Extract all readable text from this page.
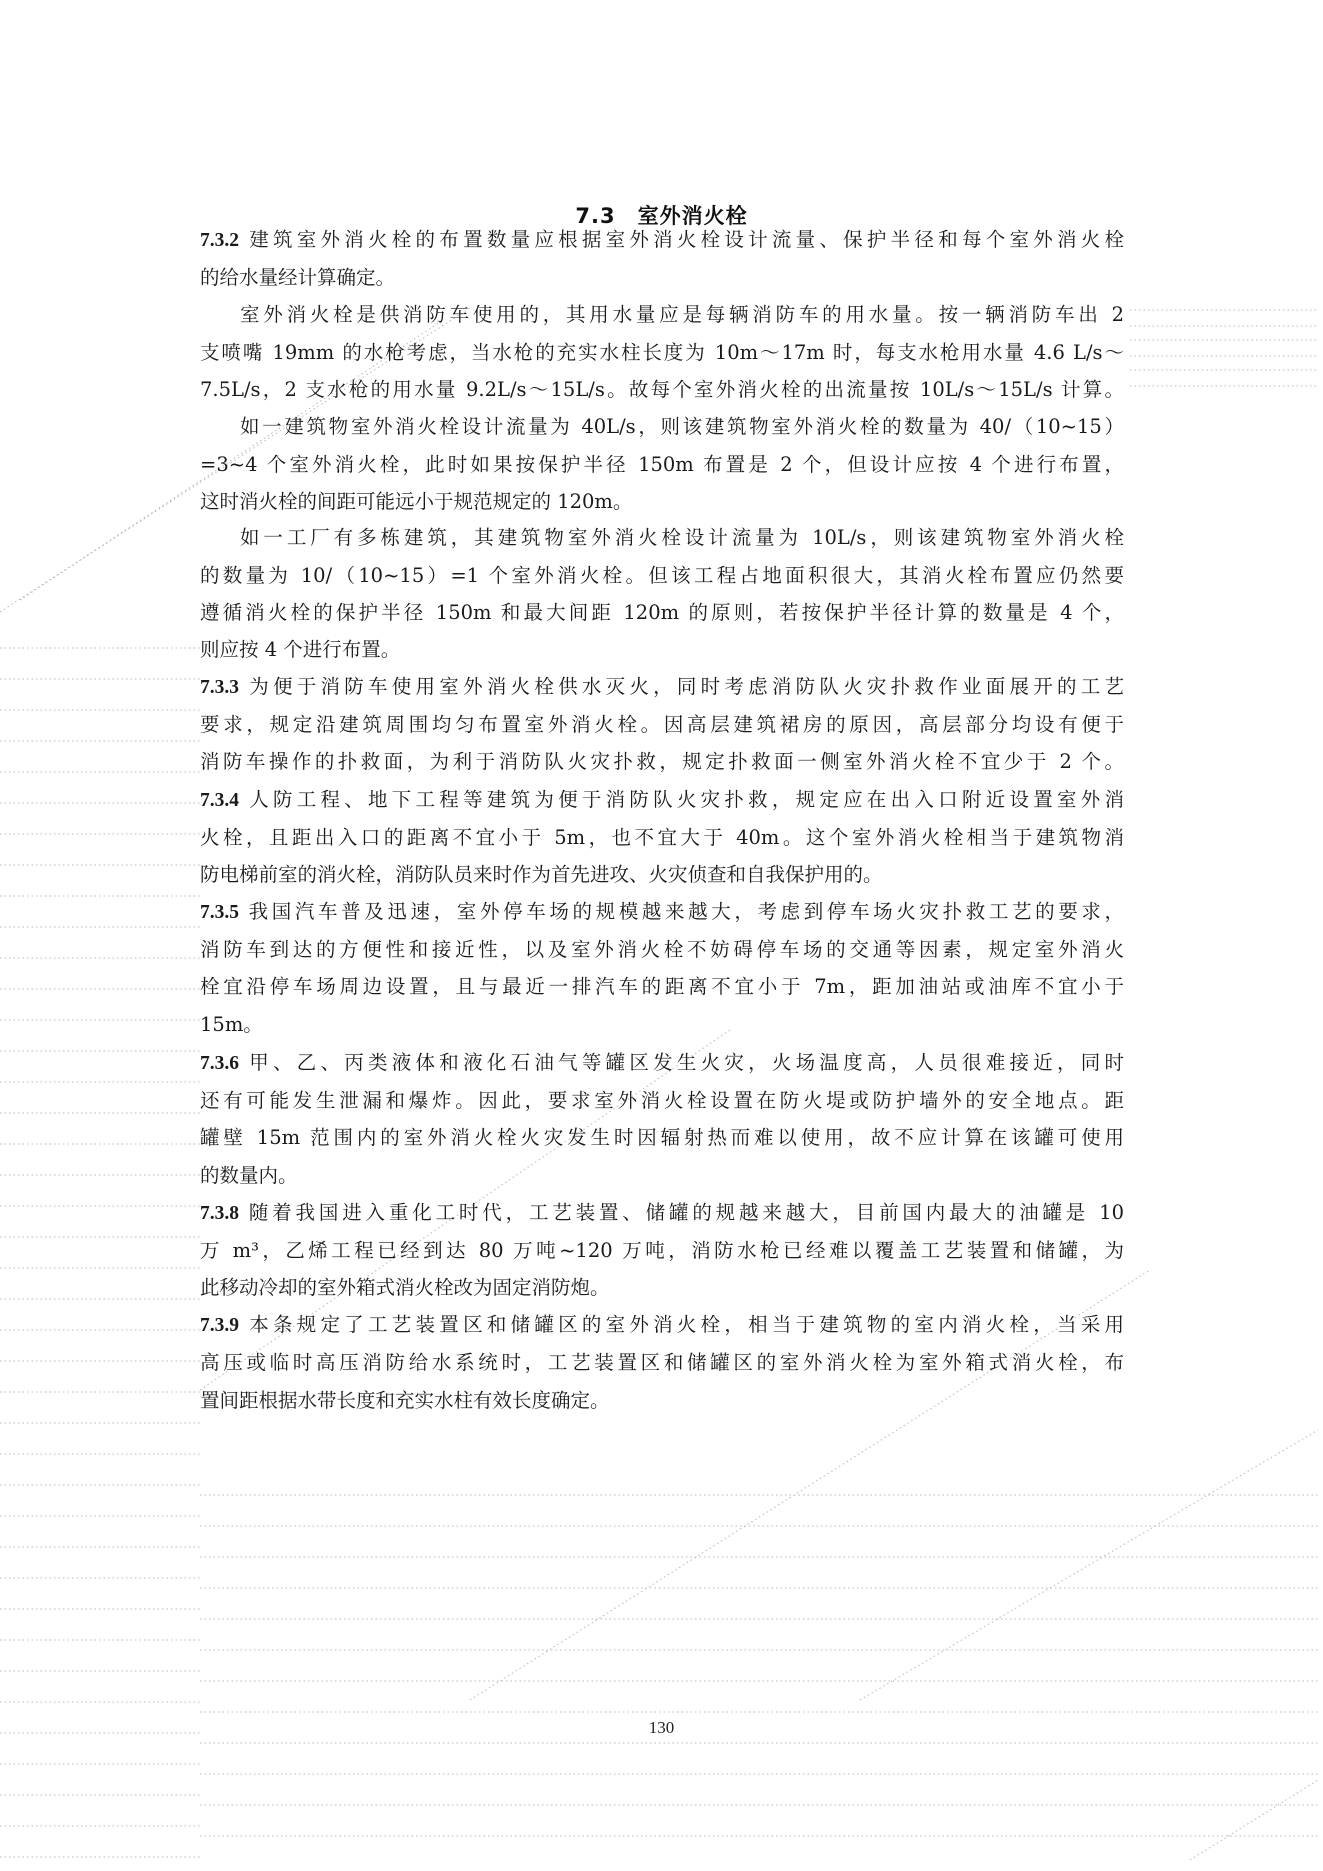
7.3 室外消火栓
7.3.2 建筑室外消火栓的布置数量应根据室外消火栓设计流量、保护半径和每个室外消火栓
的给水量经计算确定。
室外消火栓是供消防车使用的，其用水量应是每辆消防车的用水量。按一辆消防车出 2
支喷嘴 19mm 的水枪考虑，当水枪的充实水柱长度为 10m～17m 时，每支水枪用水量 4.6 L/s～
7.5L/s，2 支水枪的用水量 9.2L/s～15L/s。故每个室外消火栓的出流量按 10L/s～15L/s 计算。
如一建筑物室外消火栓设计流量为 40L/s，则该建筑物室外消火栓的数量为 40/（10~15）
=3~4 个室外消火栓，此时如果按保护半径 150m 布置是 2 个，但设计应按 4 个进行布置，
这时消火栓的间距可能远小于规范规定的 120m。
如一工厂有多栋建筑，其建筑物室外消火栓设计流量为 10L/s，则该建筑物室外消火栓
的数量为 10/（10~15）=1 个室外消火栓。但该工程占地面积很大，其消火栓布置应仍然要
遵循消火栓的保护半径 150m 和最大间距 120m 的原则，若按保护半径计算的数量是 4 个，
则应按 4 个进行布置。
7.3.3 为便于消防车使用室外消火栓供水灭火，同时考虑消防队火灾扑救作业面展开的工艺
要求，规定沿建筑周围均匀布置室外消火栓。因高层建筑裙房的原因，高层部分均设有便于
消防车操作的扑救面，为利于消防队火灾扑救，规定扑救面一侧室外消火栓不宜少于 2 个。
7.3.4 人防工程、地下工程等建筑为便于消防队火灾扑救，规定应在出入口附近设置室外消
火栓，且距出入口的距离不宜小于 5m，也不宜大于 40m。这个室外消火栓相当于建筑物消
防电梯前室的消火栓，消防队员来时作为首先进攻、火灾侦查和自我保护用的。
7.3.5 我国汽车普及迅速，室外停车场的规模越来越大，考虑到停车场火灾扑救工艺的要求，
消防车到达的方便性和接近性，以及室外消火栓不妨碍停车场的交通等因素，规定室外消火
栓宜沿停车场周边设置，且与最近一排汽车的距离不宜小于 7m，距加油站或油库不宜小于
15m。
7.3.6 甲、乙、丙类液体和液化石油气等罐区发生火灾，火场温度高，人员很难接近，同时
还有可能发生泄漏和爆炸。因此，要求室外消火栓设置在防火堤或防护墙外的安全地点。距
罐壁 15m 范围内的室外消火栓火灾发生时因辐射热而难以使用，故不应计算在该罐可使用
的数量内。
7.3.8 随着我国进入重化工时代，工艺装置、储罐的规越来越大，目前国内最大的油罐是 10
万 m³，乙烯工程已经到达 80 万吨~120 万吨，消防水枪已经难以覆盖工艺装置和储罐，为
此移动冷却的室外箱式消火栓改为固定消防炮。
7.3.9 本条规定了工艺装置区和储罐区的室外消火栓，相当于建筑物的室内消火栓，当采用
高压或临时高压消防给水系统时，工艺装置区和储罐区的室外消火栓为室外箱式消火栓，布
置间距根据水带长度和充实水柱有效长度确定。
130
